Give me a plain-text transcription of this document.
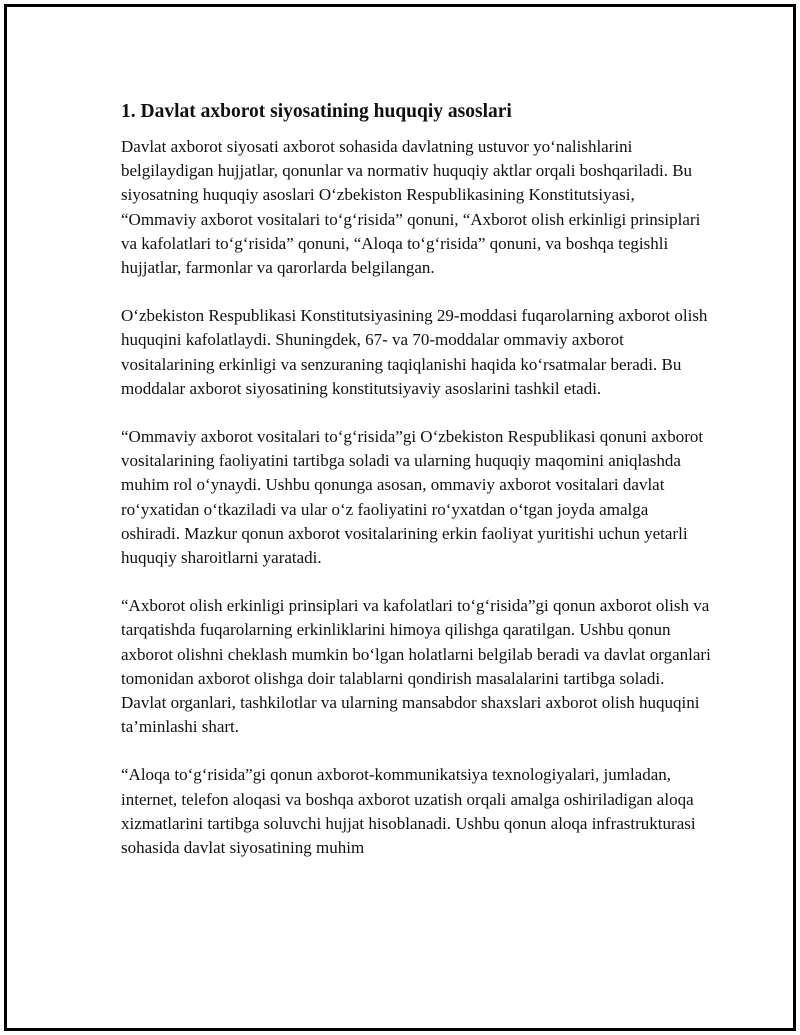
1. Davlat axborot siyosatining huquqiy asoslari

Davlat axborot siyosati axborot sohasida davlatning ustuvor yo‘nalishlarini belgilaydigan hujjatlar, qonunlar va normativ huquqiy aktlar orqali boshqariladi. Bu siyosatning huquqiy asoslari O‘zbekiston Respublikasining Konstitutsiyasi, “Ommaviy axborot vositalari to‘g‘risida” qonuni, “Axborot olish erkinligi prinsiplari va kafolatlari to‘g‘risida” qonuni, “Aloqa to‘g‘risida” qonuni, va boshqa tegishli hujjatlar, farmonlar va qarorlarda belgilangan.

O‘zbekiston Respublikasi Konstitutsiyasining 29-moddasi fuqarolarning axborot olish huquqini kafolatlaydi. Shuningdek, 67- va 70-moddalar ommaviy axborot vositalarining erkinligi va senzuraning taqiqlanishi haqida ko‘rsatmalar beradi. Bu moddalar axborot siyosatining konstitutsiyaviy asoslarini tashkil etadi.

“Ommaviy axborot vositalari to‘g‘risida”gi O‘zbekiston Respublikasi qonuni axborot vositalarining faoliyatini tartibga soladi va ularning huquqiy maqomini aniqlashda muhim rol o‘ynaydi. Ushbu qonunga asosan, ommaviy axborot vositalari davlat ro‘yxatidan o‘tkaziladi va ular o‘z faoliyatini ro‘yxatdan o‘tgan joyda amalga oshiradi. Mazkur qonun axborot vositalarining erkin faoliyat yuritishi uchun yetarli huquqiy sharoitlarni yaratadi.

“Axborot olish erkinligi prinsiplari va kafolatlari to‘g‘risida”gi qonun axborot olish va tarqatishda fuqarolarning erkinliklarini himoya qilishga qaratilgan. Ushbu qonun axborot olishni cheklash mumkin bo‘lgan holatlarni belgilab beradi va davlat organlari tomonidan axborot olishga doir talablarni qondirish masalalarini tartibga soladi. Davlat organlari, tashkilotlar va ularning mansabdor shaxslari axborot olish huquqini ta’minlashi shart.

“Aloqa to‘g‘risida”gi qonun axborot-kommunikatsiya texnologiyalari, jumladan, internet, telefon aloqasi va boshqa axborot uzatish orqali amalga oshiriladigan aloqa xizmatlarini tartibga soluvchi hujjat hisoblanadi. Ushbu qonun aloqa infrastrukturasi sohasida davlat siyosatining muhim
